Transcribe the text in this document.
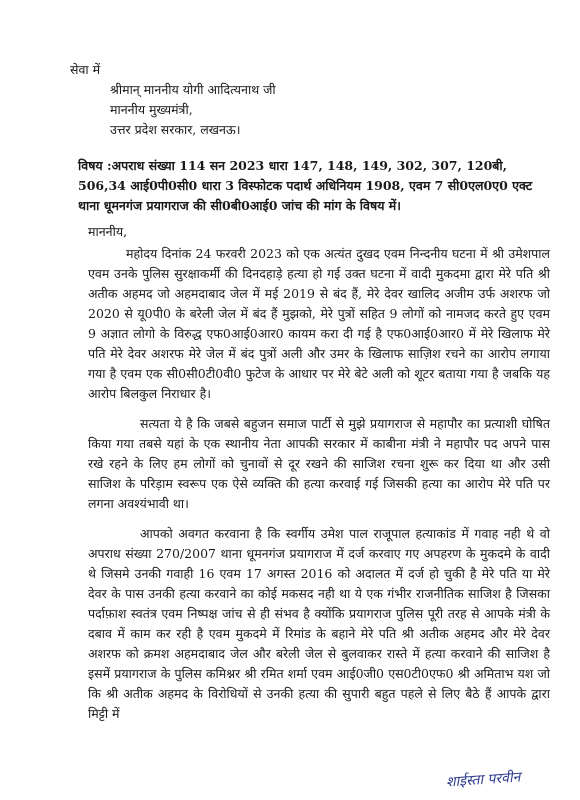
सेवा में
श्रीमान् माननीय योगी आदित्यनाथ जी
माननीय मुख्यमंत्री,
उत्तर प्रदेश सरकार, लखनऊ।
विषय :अपराध संख्या 114 सन 2023 धारा 147, 148, 149, 302, 307, 120बी, 506,34 आई0पी0सी0 धारा 3 विस्फोटक पदार्थ अधिनियम 1908, एवम 7 सी0एल0ए0 एक्ट थाना धूमनगंज प्रयागराज की सी0बी0आई0 जांच की मांग के विषय में।
माननीय,

महोदय दिनांक 24 फरवरी 2023 को एक अत्यंत दुखद एवम निन्दनीय घटना में श्री उमेशपाल एवम उनके पुलिस सुरक्षाकर्मी की दिनदहाड़े हत्या हो गई उक्त घटना में वादी मुकदमा द्वारा मेरे पति श्री अतीक अहमद जो अहमदाबाद जेल में मई 2019 से बंद हैं, मेरे देवर खालिद अजीम उर्फ अशरफ जो 2020 से यू0पी0 के बरेली जेल में बंद हैं मुझको, मेरे पुत्रों सहित 9 लोगों को नामजद करते हुए एवम 9 अज्ञात लोगो के विरुद्ध एफ0आई0आर0 कायम करा दी गई है एफ0आई0आर0 में मेरे खिलाफ मेरे पति मेरे देवर अशरफ मेरे जेल में बंद पुत्रों अली और उमर के खिलाफ साज़िश रचने का आरोप लगाया गया है एवम एक सी0सी0टी0वी0 फुटेज के आधार पर मेरे बेटे अली को शूटर बताया गया है जबकि यह आरोप बिलकुल निराधार है।

सत्यता ये है कि जबसे बहुजन समाज पार्टी से मुझे प्रयागराज से महापौर का प्रत्याशी घोषित किया गया तबसे यहां के एक स्थानीय नेता आपकी सरकार में काबीना मंत्री ने महापौर पद अपने पास रखे रहने के लिए हम लोगों को चुनावों से दूर रखने की साजिश रचना शुरू कर दिया था और उसी साजिश के परिड़ाम स्वरूप एक ऐसे व्यक्ति की हत्या करवाई गई जिसकी हत्या का आरोप मेरे पति पर लगना अवश्यंभावी था।

आपको अवगत करवाना है कि स्वर्गीय उमेश पाल राजूपाल हत्याकांड में गवाह नही थे वो अपराध संख्या 270/2007 थाना धूमनगंज प्रयागराज में दर्ज करवाए गए अपहरण के मुकदमे के वादी थे जिसमे उनकी गवाही 16 एवम 17 अगस्त 2016 को अदालत में दर्ज हो चुकी है मेरे पति या मेरे देवर के पास उनकी हत्या करवाने का कोई मकसद नही था ये एक गंभीर राजनीतिक साजिश है जिसका पर्दाफ़ाश स्वतंत्र एवम निष्पक्ष जांच से ही संभव है क्योंकि प्रयागराज पुलिस पूरी तरह से आपके मंत्री के दबाव में काम कर रही है एवम मुकदमे में रिमांड के बहाने मेरे पति श्री अतीक अहमद और मेरे देवर अशरफ को क्रमश अहमदाबाद जेल और बरेली जेल से बुलवाकर रास्ते में हत्या करवाने की साजिश है इसमें प्रयागराज के पुलिस कमिश्नर श्री रमित शर्मा एवम आई0जी0 एस0टी0एफ0 श्री अमिताभ यश जो कि श्री अतीक अहमद के विरोधियों से उनकी हत्या की सुपारी बहुत पहले से लिए बैठे हैं आपके द्वारा मिट्टी में

शाईस्ता परवीन
